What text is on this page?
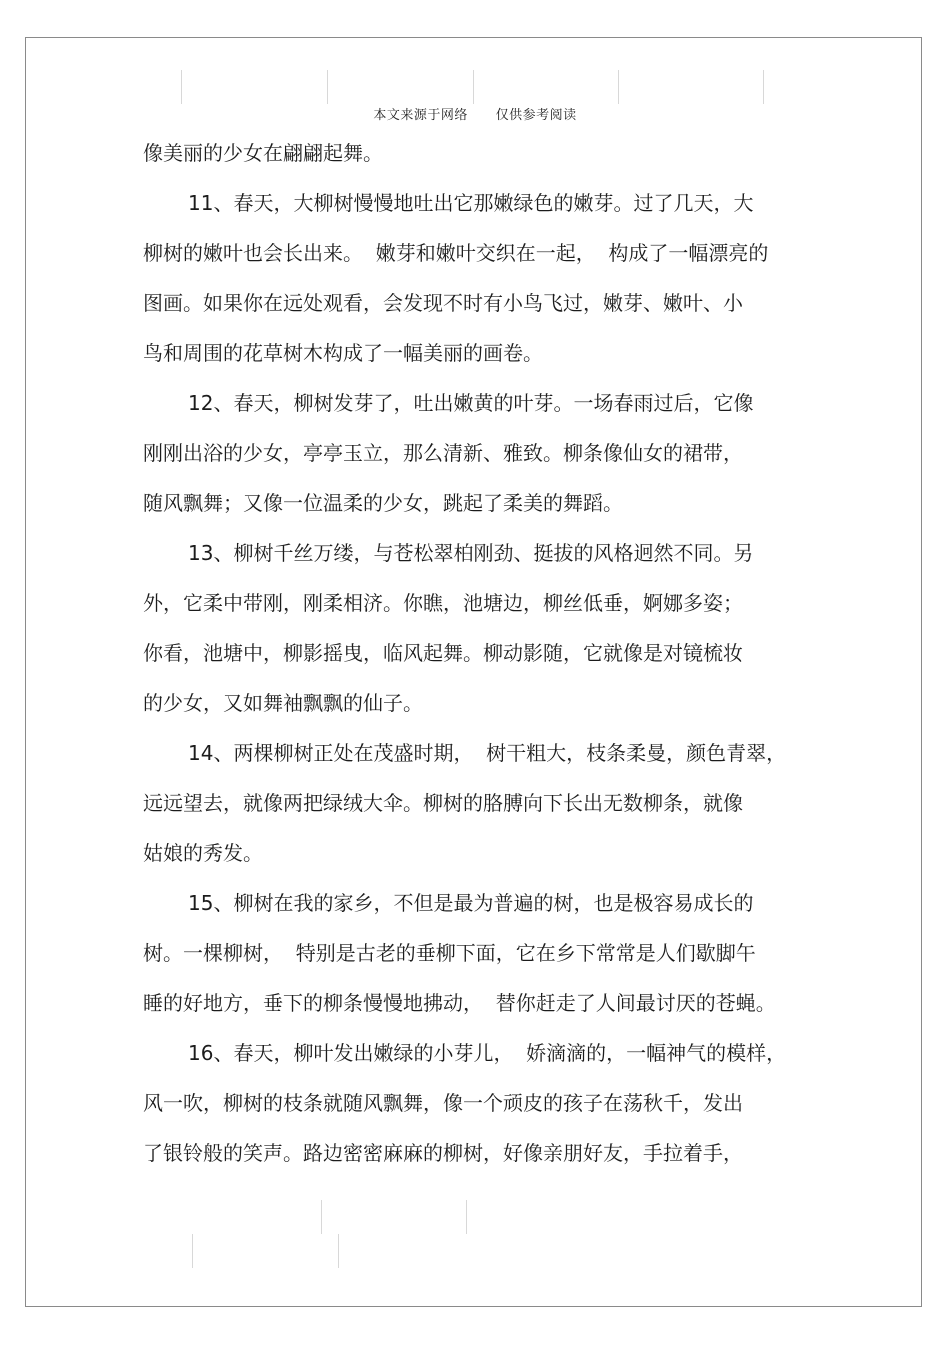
本文来源于网络      仅供参考阅读
像美丽的少女在翩翩起舞。
11、春天，大柳树慢慢地吐出它那嫩绿色的嫩芽。过了几天，大
柳树的嫩叶也会长出来。  嫩芽和嫩叶交织在一起，  构成了一幅漂亮的
图画。如果你在远处观看，会发现不时有小鸟飞过，嫩芽、嫩叶、小
鸟和周围的花草树木构成了一幅美丽的画卷。
12、春天，柳树发芽了，吐出嫩黄的叶芽。一场春雨过后，它像
刚刚出浴的少女，亭亭玉立，那么清新、雅致。柳条像仙女的裙带，
随风飘舞；又像一位温柔的少女，跳起了柔美的舞蹈。
13、柳树千丝万缕，与苍松翠柏刚劲、挺拔的风格迥然不同。另
外，它柔中带刚，刚柔相济。你瞧，池塘边，柳丝低垂，婀娜多姿；
你看，池塘中，柳影摇曳，临风起舞。柳动影随，它就像是对镜梳妆
的少女，又如舞袖飘飘的仙子。
14、两棵柳树正处在茂盛时期，  树干粗大，枝条柔曼，颜色青翠，
远远望去，就像两把绿绒大伞。柳树的胳膊向下长出无数柳条，就像
姑娘的秀发。
15、柳树在我的家乡，不但是最为普遍的树，也是极容易成长的
树。一棵柳树，  特别是古老的垂柳下面，它在乡下常常是人们歇脚午
睡的好地方，垂下的柳条慢慢地拂动，  替你赶走了人间最讨厌的苍蝇。
16、春天，柳叶发出嫩绿的小芽儿，  娇滴滴的，一幅神气的模样，
风一吹，柳树的枝条就随风飘舞，像一个顽皮的孩子在荡秋千，发出
了银铃般的笑声。路边密密麻麻的柳树，好像亲朋好友，手拉着手，
